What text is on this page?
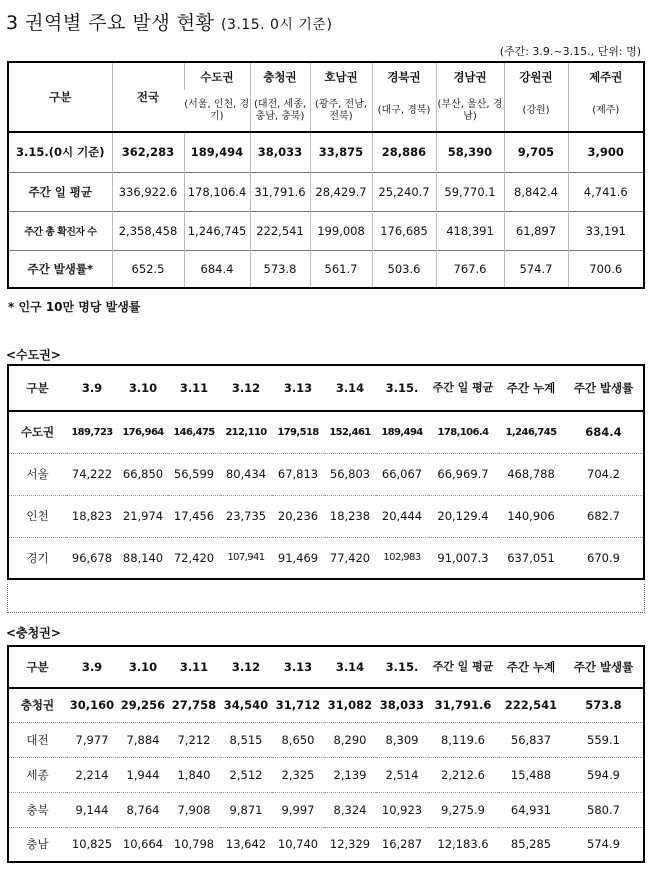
3 권역별 주요 발생 현황 (3.15. 0시 기준)
(주간: 3.9.~3.15., 단위: 명)
구분	전국	수도권	충청권	호남권	경북권	경남권	강원권	제주권
		(서울, 인천, 경기)	(대전, 세종, 충남, 충북)	(광주, 전남, 전북)	(대구, 경북)	(부산, 울산, 경남)	(강원)	(제주)
3.15.(0시 기준)	362,283	189,494	38,033	33,875	28,886	58,390	9,705	3,900
주간 일 평균	336,922.6	178,106.4	31,791.6	28,429.7	25,240.7	59,770.1	8,842.4	4,741.6
주간 총 확진자 수	2,358,458	1,246,745	222,541	199,008	176,685	418,391	61,897	33,191
주간 발생률*	652.5	684.4	573.8	561.7	503.6	767.6	574.7	700.6
* 인구 10만 명당 발생률
<수도권>
구분	3.9	3.10	3.11	3.12	3.13	3.14	3.15.	주간 일 평균	주간 누계	주간 발생률
수도권	189,723	176,964	146,475	212,110	179,518	152,461	189,494	178,106.4	1,246,745	684.4
서울	74,222	66,850	56,599	80,434	67,813	56,803	66,067	66,969.7	468,788	704.2
인천	18,823	21,974	17,456	23,735	20,236	18,238	20,444	20,129.4	140,906	682.7
경기	96,678	88,140	72,420	107,941	91,469	77,420	102,983	91,007.3	637,051	670.9
<충청권>
구분	3.9	3.10	3.11	3.12	3.13	3.14	3.15.	주간 일 평균	주간 누계	주간 발생률
충청권	30,160	29,256	27,758	34,540	31,712	31,082	38,033	31,791.6	222,541	573.8
대전	7,977	7,884	7,212	8,515	8,650	8,290	8,309	8,119.6	56,837	559.1
세종	2,214	1,944	1,840	2,512	2,325	2,139	2,514	2,212.6	15,488	594.9
충북	9,144	8,764	7,908	9,871	9,997	8,324	10,923	9,275.9	64,931	580.7
충남	10,825	10,664	10,798	13,642	10,740	12,329	16,287	12,183.6	85,285	574.9
